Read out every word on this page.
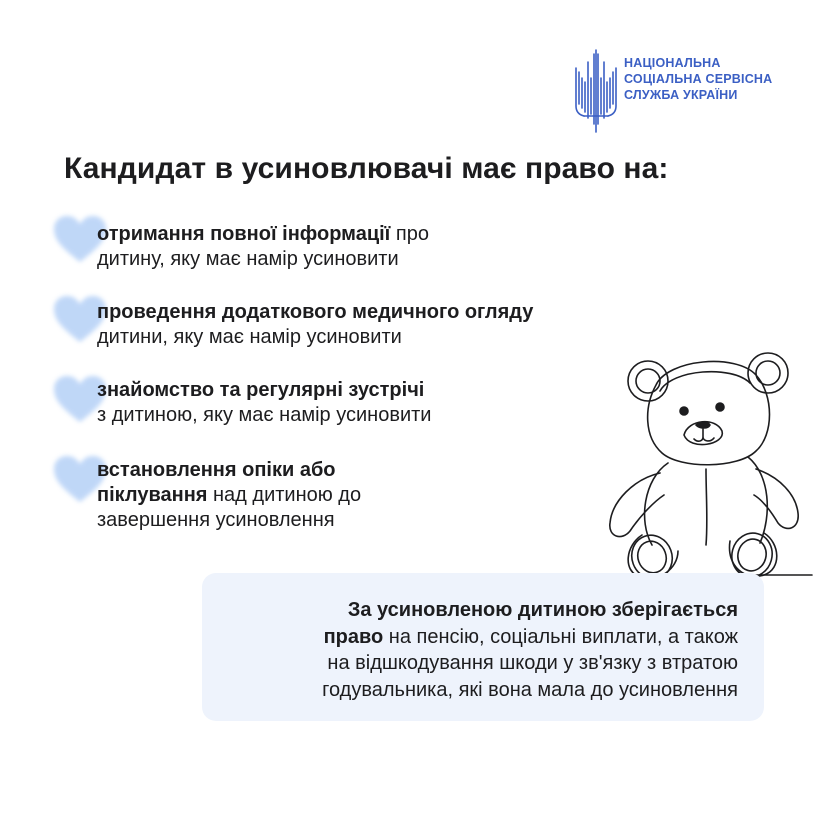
НАЦІОНАЛЬНА
СОЦІАЛЬНА СЕРВІСНА
СЛУЖБА УКРАЇНИ
Кандидат в усиновлювачі має право на:
отримання повної інформації про
дитину, яку має намір усиновити
проведення додаткового медичного огляду
дитини, яку має намір усиновити
знайомство та регулярні зустрічі
з дитиною, яку має намір усиновити
встановлення опіки або
піклування над дитиною до
завершення усиновлення
За усиновленою дитиною зберігається
право на пенсію, соціальні виплати, а також
на відшкодування шкоди у зв'язку з втратою
годувальника, які вона мала до усиновлення
